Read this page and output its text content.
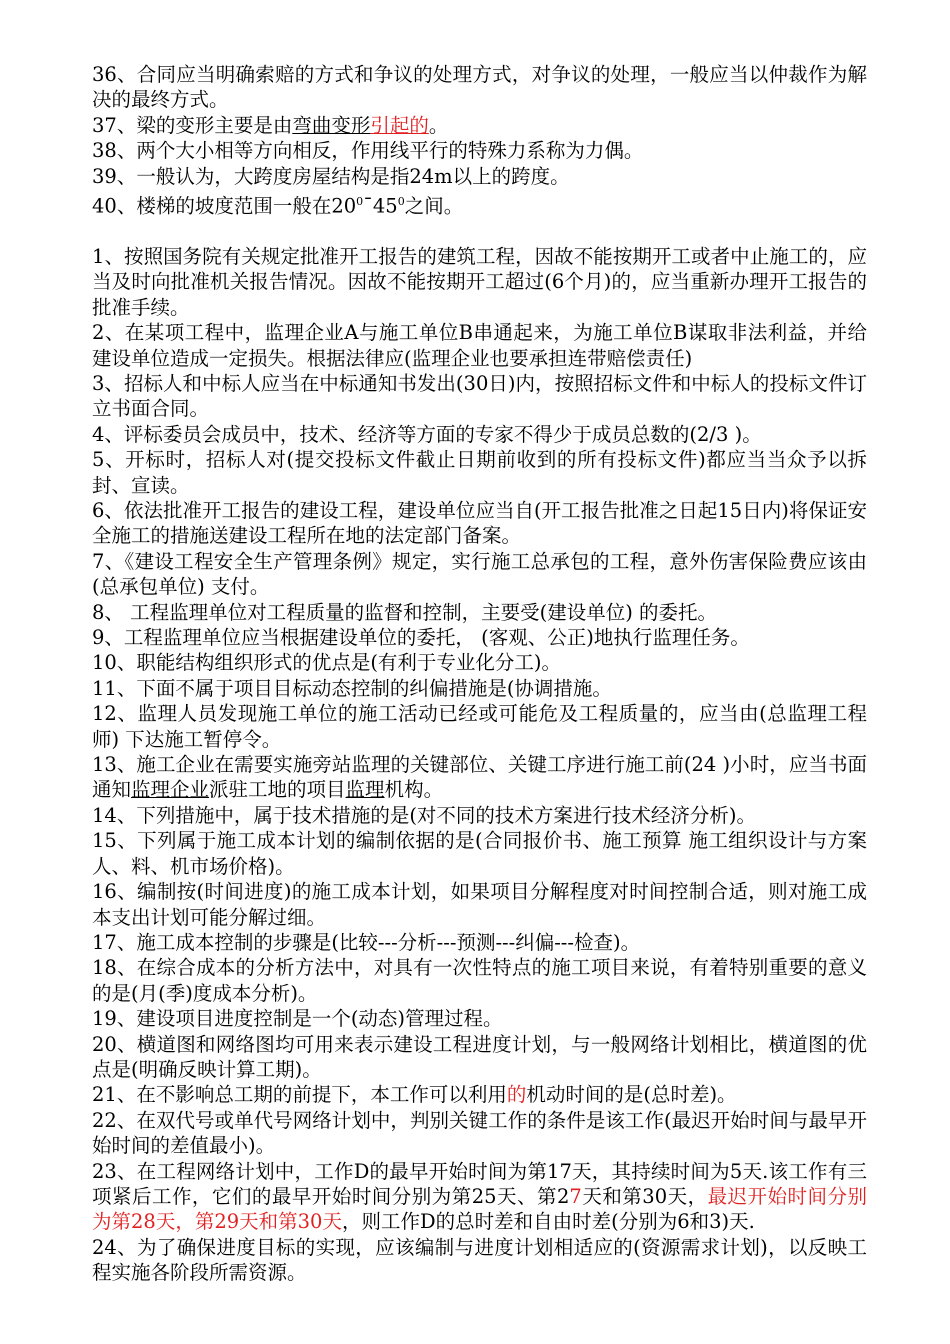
36、合同应当明确索赔的方式和争议的处理方式，对争议的处理，一般应当以仲裁作为解决的最终方式。

37、梁的变形主要是由弯曲变形引起的。

38、两个大小相等方向相反，作用线平行的特殊力系称为力偶。

39、一般认为，大跨度房屋结构是指24m以上的跨度。

40、楼梯的坡度范围一般在$20^0¯45^0$之间。

1、按照国务院有关规定批准开工报告的建筑工程，因故不能按期开工或者中止施工的，应当及时向批准机关报告情况。因故不能按期开工超过(6个月)的，应当重新办理开工报告的批准手续。

2、在某项工程中，监理企业A与施工单位B串通起来，为施工单位B谋取非法利益，并给建设单位造成一定损失。根据法律应(监理企业也要承担连带赔偿责任)

3、招标人和中标人应当在中标通知书发出(30日)内，按照招标文件和中标人的投标文件订立书面合同。

4、评标委员会成员中，技术、经济等方面的专家不得少于成员总数的(2/3 )。

5、开标时，招标人对(提交投标文件截止日期前收到的所有投标文件)都应当当众予以拆封、宣读。

6、依法批准开工报告的建设工程，建设单位应当自(开工报告批准之日起15日内)将保证安全施工的措施送建设工程所在地的法定部门备案。

7、《建设工程安全生产管理条例》规定，实行施工总承包的工程，意外伤害保险费应该由(总承包单位) 支付。

8、 工程监理单位对工程质量的监督和控制，主要受(建设单位) 的委托。

9、工程监理单位应当根据建设单位的委托， (客观、公正)地执行监理任务。

10、职能结构组织形式的优点是(有利于专业化分工)。

11、下面不属于项目目标动态控制的纠偏措施是(协调措施。

12、监理人员发现施工单位的施工活动已经或可能危及工程质量的，应当由(总监理工程师) 下达施工暂停令。

13、施工企业在需要实施旁站监理的关键部位、关键工序进行施工前(24 )小时，应当书面通知监理企业派驻工地的项目监理机构。

14、下列措施中，属于技术措施的是(对不同的技术方案进行技术经济分析)。

15、下列属于施工成本计划的编制依据的是(合同报价书、施工预算 施工组织设计与方案 人、料、机市场价格)。

16、编制按(时间进度)的施工成本计划，如果项目分解程度对时间控制合适，则对施工成本支出计划可能分解过细。

17、施工成本控制的步骤是(比较---分析---预测---纠偏---检查)。

18、在综合成本的分析方法中，对具有一次性特点的施工项目来说，有着特别重要的意义的是(月(季)度成本分析)。

19、建设项目进度控制是一个(动态)管理过程。

20、横道图和网络图均可用来表示建设工程进度计划，与一般网络计划相比，横道图的优点是(明确反映计算工期)。

21、在不影响总工期的前提下，本工作可以利用的机动时间的是(总时差)。

22、在双代号或单代号网络计划中，判别关键工作的条件是该工作(最迟开始时间与最早开始时间的差值最小)。

23、在工程网络计划中，工作D的最早开始时间为第17天，其持续时间为5天.该工作有三项紧后工作，它们的最早开始时间分别为第25天、第27天和第30天，最迟开始时间分别为第28天，第29天和第30天，则工作D的总时差和自由时差(分别为6和3)天.

24、为了确保进度目标的实现，应该编制与进度计划相适应的(资源需求计划)，以反映工程实施各阶段所需资源。
